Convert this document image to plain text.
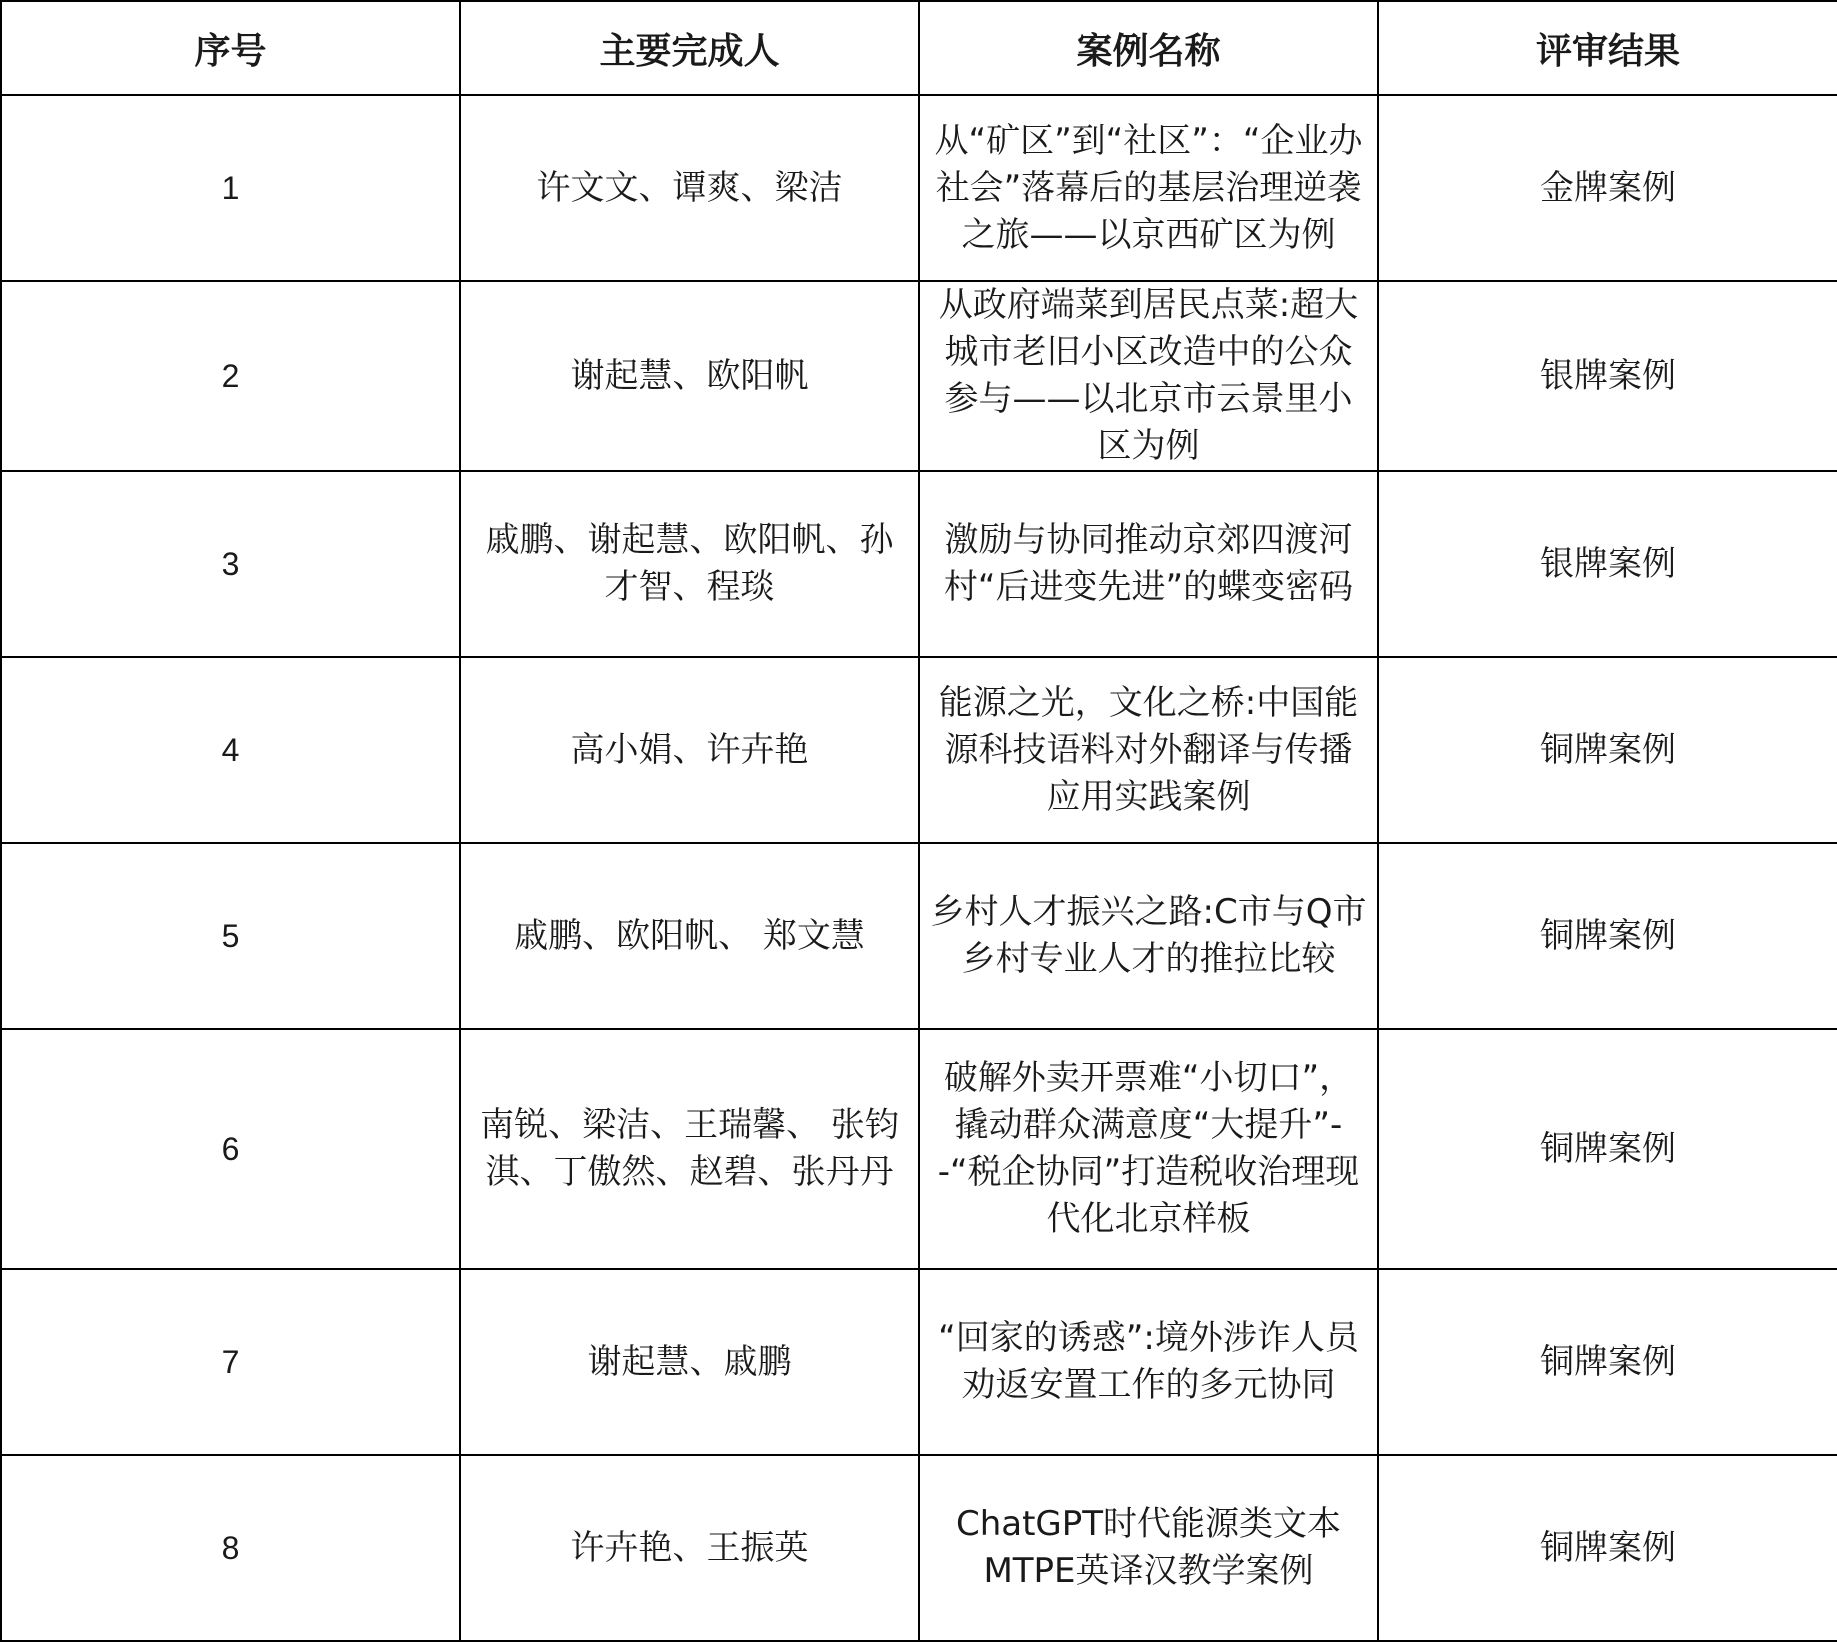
序号	主要完成人	案例名称	评审结果
1	许文文、谭爽、梁洁	从“矿区”到“社区”：“企业办社会”落幕后的基层治理逆袭之旅——以京西矿区为例	金牌案例
2	谢起慧、欧阳帆	从政府端菜到居民点菜:超大城市老旧小区改造中的公众参与——以北京市云景里小区为例	银牌案例
3	戚鹏、谢起慧、欧阳帆、孙才智、程琰	激励与协同推动京郊四渡河村“后进变先进”的蝶变密码	银牌案例
4	高小娟、许卉艳	能源之光，文化之桥:中国能源科技语料对外翻译与传播应用实践案例	铜牌案例
5	戚鹏、欧阳帆、 郑文慧	乡村人才振兴之路:C市与Q市乡村专业人才的推拉比较	铜牌案例
6	南锐、梁洁、王瑞馨、 张钧淇、丁傲然、赵碧、张丹丹	破解外卖开票难“小切口”，撬动群众满意度“大提升”--“税企协同”打造税收治理现代化北京样板	铜牌案例
7	谢起慧、戚鹏	“回家的诱惑”:境外涉诈人员劝返安置工作的多元协同	铜牌案例
8	许卉艳、王振英	ChatGPT时代能源类文本MTPE英译汉教学案例	铜牌案例
